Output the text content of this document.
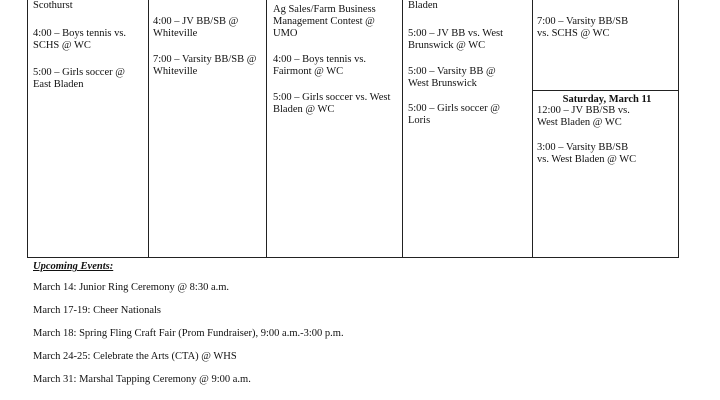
Scothurst
4:00 – Boys tennis vs.
SCHS @ WC
5:00 – Girls soccer @
East Bladen
4:00 – JV BB/SB @
Whiteville
7:00 – Varsity BB/SB @
Whiteville
Ag Sales/Farm Business
Management Contest @
UMO
4:00 – Boys tennis vs.
Fairmont @ WC
5:00 – Girls soccer vs. West
Bladen @ WC
Bladen
5:00 – JV BB vs. West
Brunswick @ WC
5:00 – Varsity BB @
West Brunswick
5:00 – Girls soccer @
Loris
7:00 – Varsity BB/SB
vs. SCHS @ WC
Saturday, March 11
12:00 – JV BB/SB vs.
West Bladen @ WC
3:00 – Varsity BB/SB
vs. West Bladen @ WC
Upcoming Events:
March 14: Junior Ring Ceremony @ 8:30 a.m.
March 17-19: Cheer Nationals
March 18: Spring Fling Craft Fair (Prom Fundraiser), 9:00 a.m.-3:00 p.m.
March 24-25: Celebrate the Arts (CTA) @ WHS
March 31: Marshal Tapping Ceremony @ 9:00 a.m.
